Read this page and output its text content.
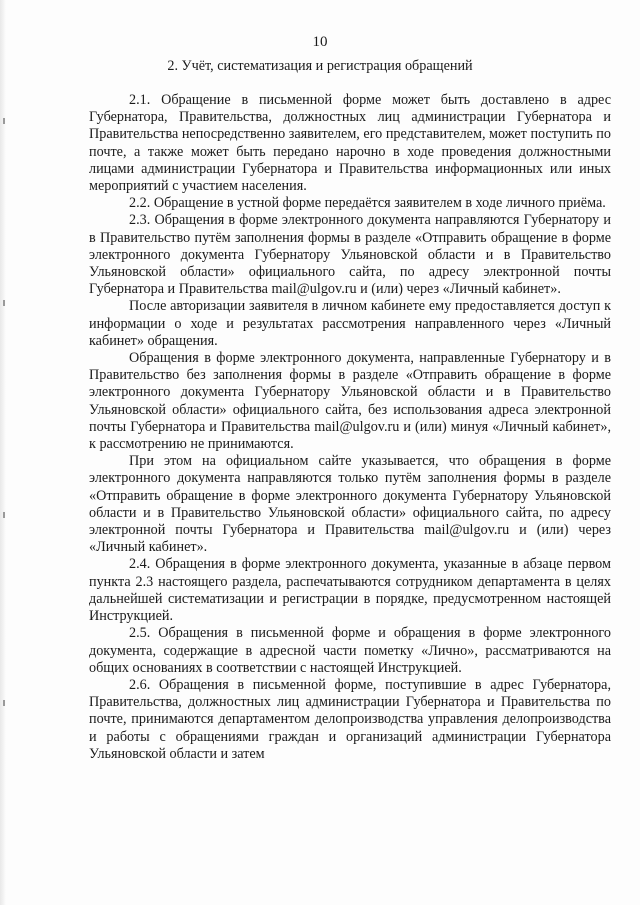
10
2. Учёт, систематизация и регистрация обращений

2.1. Обращение в письменной форме может быть доставлено в адрес Губернатора, Правительства, должностных лиц администрации Губернатора и Правительства непосредственно заявителем, его представителем, может поступить по почте, а также может быть передано нарочно в ходе проведения должностными лицами администрации Губернатора и Правительства информационных или иных мероприятий с участием населения.

2.2. Обращение в устной форме передаётся заявителем в ходе личного приёма.

2.3. Обращения в форме электронного документа направляются Губернатору и в Правительство путём заполнения формы в разделе «Отправить обращение в форме электронного документа Губернатору Ульяновской области и в Правительство Ульяновской области» официального сайта, по адресу электронной почты Губернатора и Правительства mail@ulgov.ru и (или) через «Личный кабинет».

После авторизации заявителя в личном кабинете ему предоставляется доступ к информации о ходе и результатах рассмотрения направленного через «Личный кабинет» обращения.

Обращения в форме электронного документа, направленные Губернатору и в Правительство без заполнения формы в разделе «Отправить обращение в форме электронного документа Губернатору Ульяновской области и в Правительство Ульяновской области» официального сайта, без использования адреса электронной почты Губернатора и Правительства mail@ulgov.ru и (или) минуя «Личный кабинет», к рассмотрению не принимаются.

При этом на официальном сайте указывается, что обращения в форме электронного документа направляются только путём заполнения формы в разделе «Отправить обращение в форме электронного документа Губернатору Ульяновской области и в Правительство Ульяновской области» официального сайта, по адресу электронной почты Губернатора и Правительства mail@ulgov.ru и (или) через «Личный кабинет».

2.4. Обращения в форме электронного документа, указанные в абзаце первом пункта 2.3 настоящего раздела, распечатываются сотрудником департамента в целях дальнейшей систематизации и регистрации в порядке, предусмотренном настоящей Инструкцией.

2.5. Обращения в письменной форме и обращения в форме электронного документа, содержащие в адресной части пометку «Лично», рассматриваются на общих основаниях в соответствии с настоящей Инструкцией.

2.6. Обращения в письменной форме, поступившие в адрес Губернатора, Правительства, должностных лиц администрации Губернатора и Правительства по почте, принимаются департаментом делопроизводства управления делопроизводства и работы с обращениями граждан и организаций администрации Губернатора Ульяновской области и затем
